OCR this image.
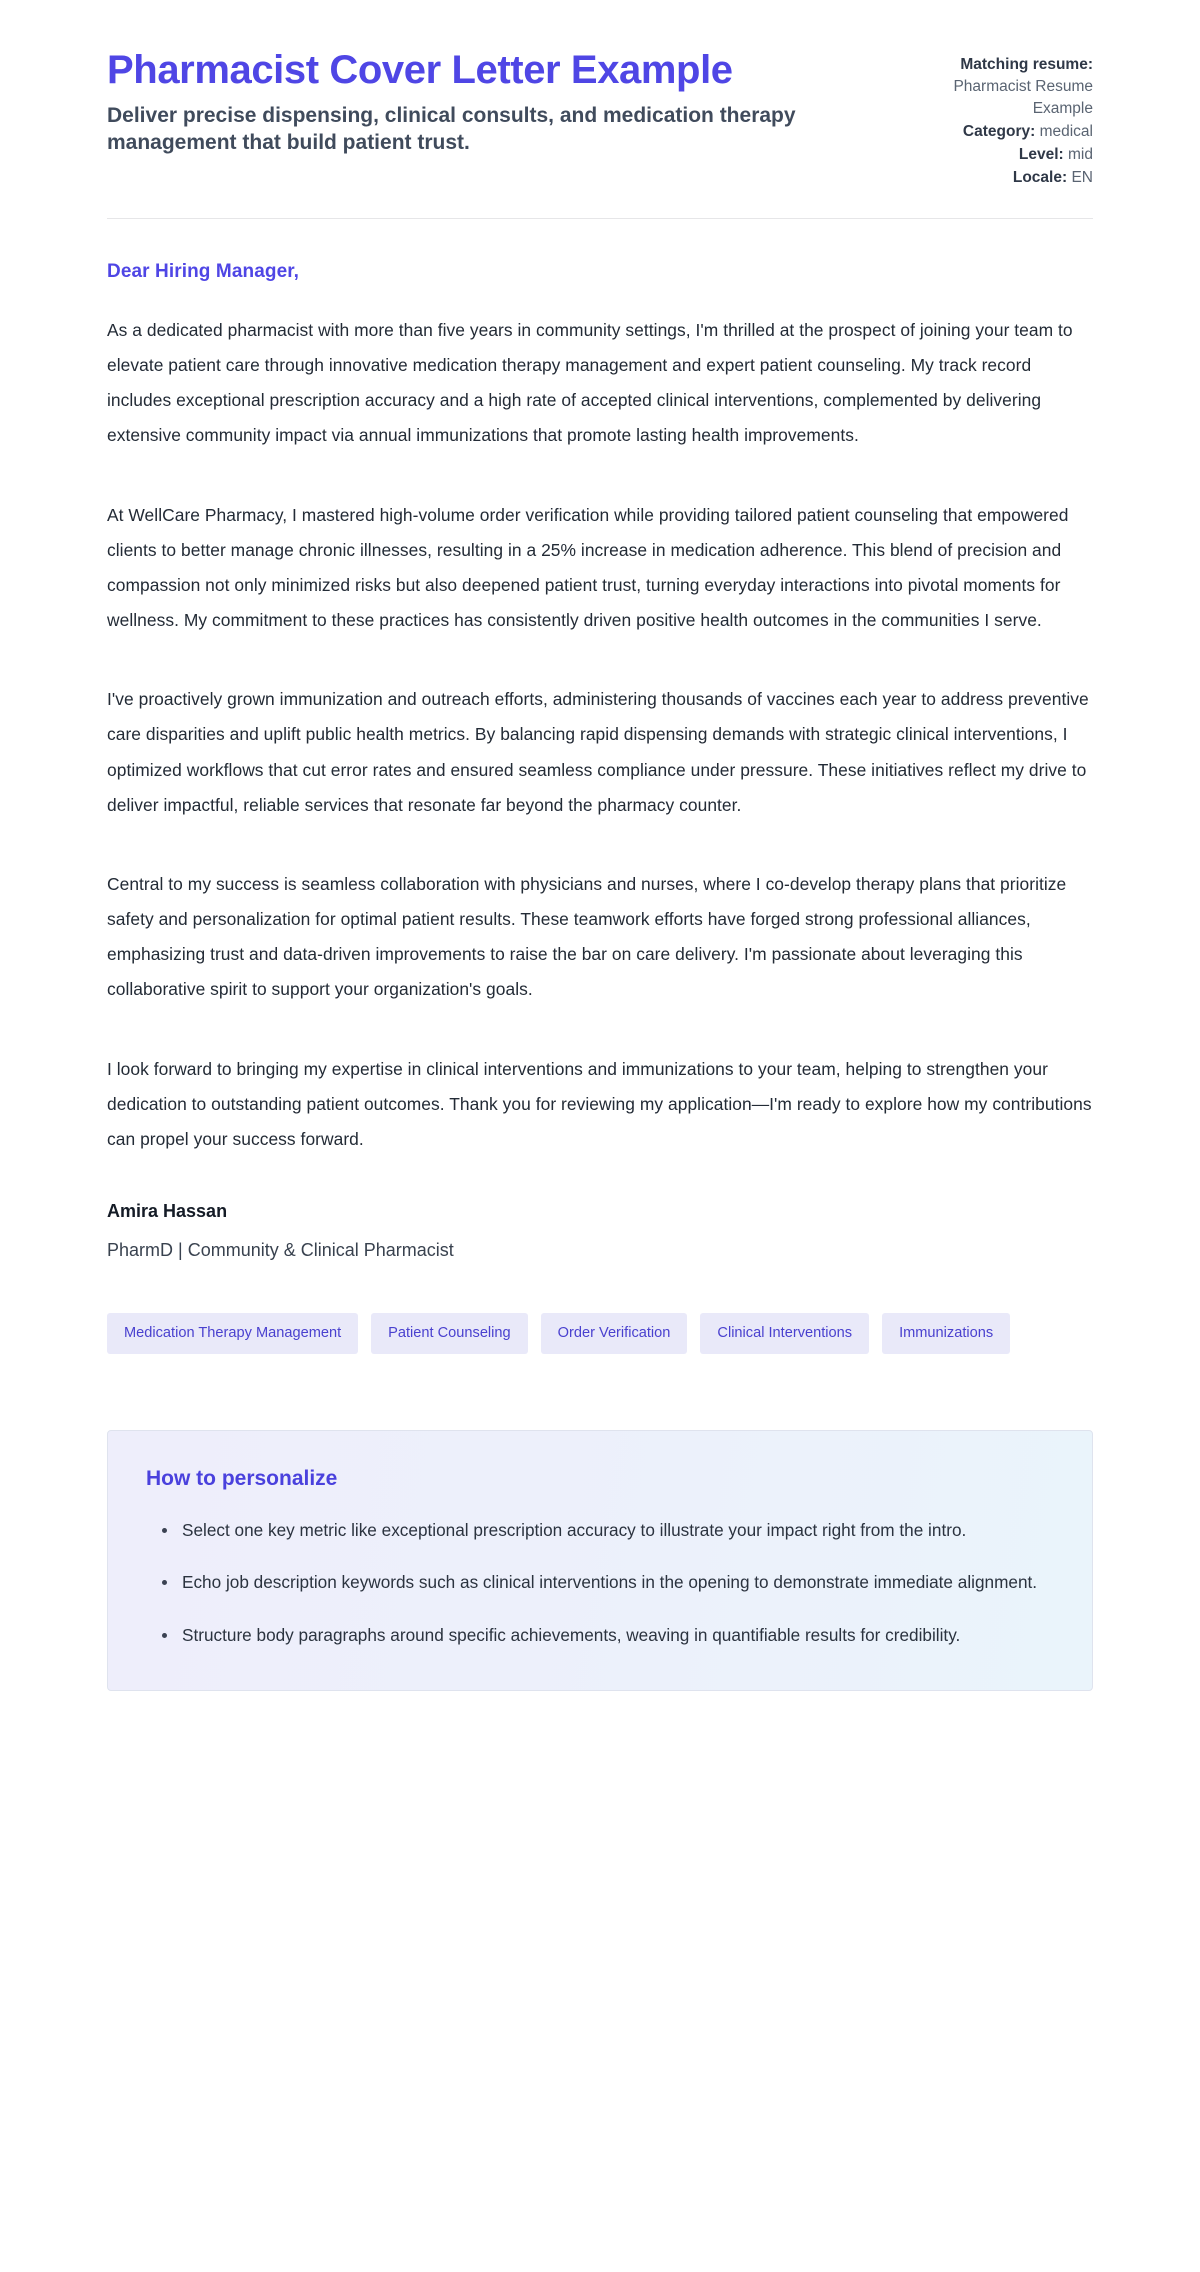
Pharmacist Cover Letter Example

Deliver precise dispensing, clinical consults, and medication therapy management that build patient trust.

Matching resume:
Pharmacist Resume Example
Category: medical
Level: mid
Locale: EN

Dear Hiring Manager,

As a dedicated pharmacist with more than five years in community settings, I'm thrilled at the prospect of joining your team to elevate patient care through innovative medication therapy management and expert patient counseling. My track record includes exceptional prescription accuracy and a high rate of accepted clinical interventions, complemented by delivering extensive community impact via annual immunizations that promote lasting health improvements.

At WellCare Pharmacy, I mastered high-volume order verification while providing tailored patient counseling that empowered clients to better manage chronic illnesses, resulting in a 25% increase in medication adherence. This blend of precision and compassion not only minimized risks but also deepened patient trust, turning everyday interactions into pivotal moments for wellness. My commitment to these practices has consistently driven positive health outcomes in the communities I serve.

I've proactively grown immunization and outreach efforts, administering thousands of vaccines each year to address preventive care disparities and uplift public health metrics. By balancing rapid dispensing demands with strategic clinical interventions, I optimized workflows that cut error rates and ensured seamless compliance under pressure. These initiatives reflect my drive to deliver impactful, reliable services that resonate far beyond the pharmacy counter.

Central to my success is seamless collaboration with physicians and nurses, where I co-develop therapy plans that prioritize safety and personalization for optimal patient results. These teamwork efforts have forged strong professional alliances, emphasizing trust and data-driven improvements to raise the bar on care delivery. I'm passionate about leveraging this collaborative spirit to support your organization's goals.

I look forward to bringing my expertise in clinical interventions and immunizations to your team, helping to strengthen your dedication to outstanding patient outcomes. Thank you for reviewing my application—I'm ready to explore how my contributions can propel your success forward.

Amira Hassan

PharmD | Community & Clinical Pharmacist

Medication Therapy Management	Patient Counseling	Order Verification	Clinical Interventions	Immunizations

How to personalize

Select one key metric like exceptional prescription accuracy to illustrate your impact right from the intro.
Echo job description keywords such as clinical interventions in the opening to demonstrate immediate alignment.
Structure body paragraphs around specific achievements, weaving in quantifiable results for credibility.
